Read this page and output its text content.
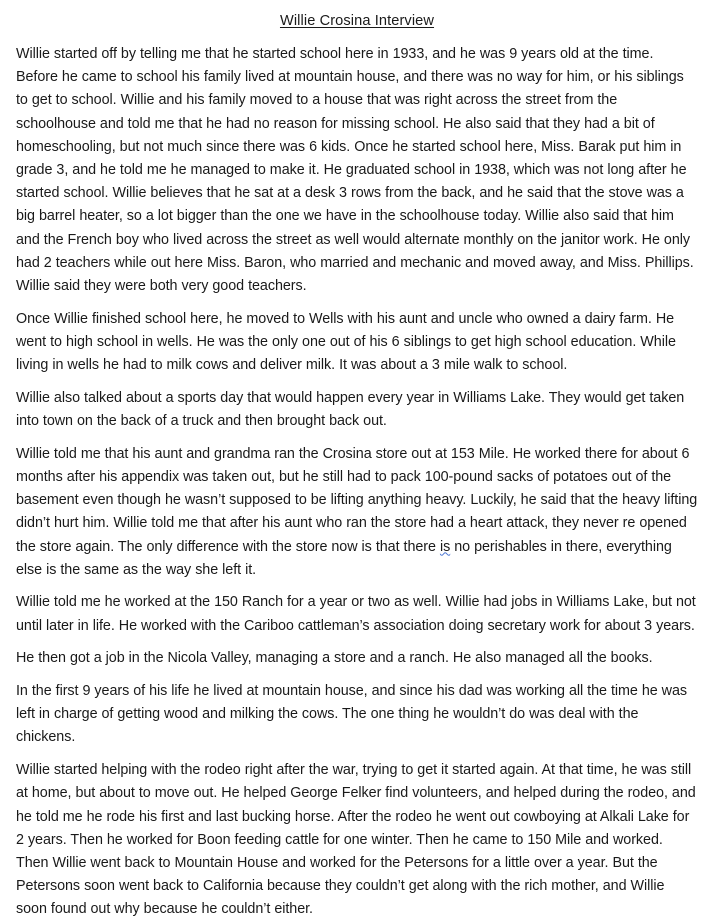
Willie Crosina Interview

Willie started off by telling me that he started school here in 1933, and he was 9 years old at the time. Before he came to school his family lived at mountain house, and there was no way for him, or his siblings to get to school. Willie and his family moved to a house that was right across the street from the schoolhouse and told me that he had no reason for missing school. He also said that they had a bit of homeschooling, but not much since there was 6 kids. Once he started school here, Miss. Barak put him in grade 3, and he told me he managed to make it. He graduated school in 1938, which was not long after he started school. Willie believes that he sat at a desk 3 rows from the back, and he said that the stove was a big barrel heater, so a lot bigger than the one we have in the schoolhouse today. Willie also said that him and the French boy who lived across the street as well would alternate monthly on the janitor work. He only had 2 teachers while out here Miss. Baron, who married and mechanic and moved away, and Miss. Phillips. Willie said they were both very good teachers.

Once Willie finished school here, he moved to Wells with his aunt and uncle who owned a dairy farm. He went to high school in wells. He was the only one out of his 6 siblings to get high school education. While living in wells he had to milk cows and deliver milk. It was about a 3 mile walk to school.

Willie also talked about a sports day that would happen every year in Williams Lake. They would get taken into town on the back of a truck and then brought back out.

Willie told me that his aunt and grandma ran the Crosina store out at 153 Mile. He worked there for about 6 months after his appendix was taken out, but he still had to pack 100-pound sacks of potatoes out of the basement even though he wasn’t supposed to be lifting anything heavy. Luckily, he said that the heavy lifting didn’t hurt him. Willie told me that after his aunt who ran the store had a heart attack, they never re opened the store again. The only difference with the store now is that there is no perishables in there, everything else is the same as the way she left it.

Willie told me he worked at the 150 Ranch for a year or two as well. Willie had jobs in Williams Lake, but not until later in life. He worked with the Cariboo cattleman’s association doing secretary work for about 3 years.

He then got a job in the Nicola Valley, managing a store and a ranch. He also managed all the books.

In the first 9 years of his life he lived at mountain house, and since his dad was working all the time he was left in charge of getting wood and milking the cows. The one thing he wouldn’t do was deal with the chickens.

Willie started helping with the rodeo right after the war, trying to get it started again. At that time, he was still at home, but about to move out. He helped George Felker find volunteers, and helped during the rodeo, and he told me he rode his first and last bucking horse. After the rodeo he went out cowboying at Alkali Lake for 2 years. Then he worked for Boon feeding cattle for one winter. Then he came to 150 Mile and worked. Then Willie went back to Mountain House and worked for the Petersons for a little over a year. But the Petersons soon went back to California because they couldn’t get along with the rich mother, and Willie soon found out why because he couldn’t either.
